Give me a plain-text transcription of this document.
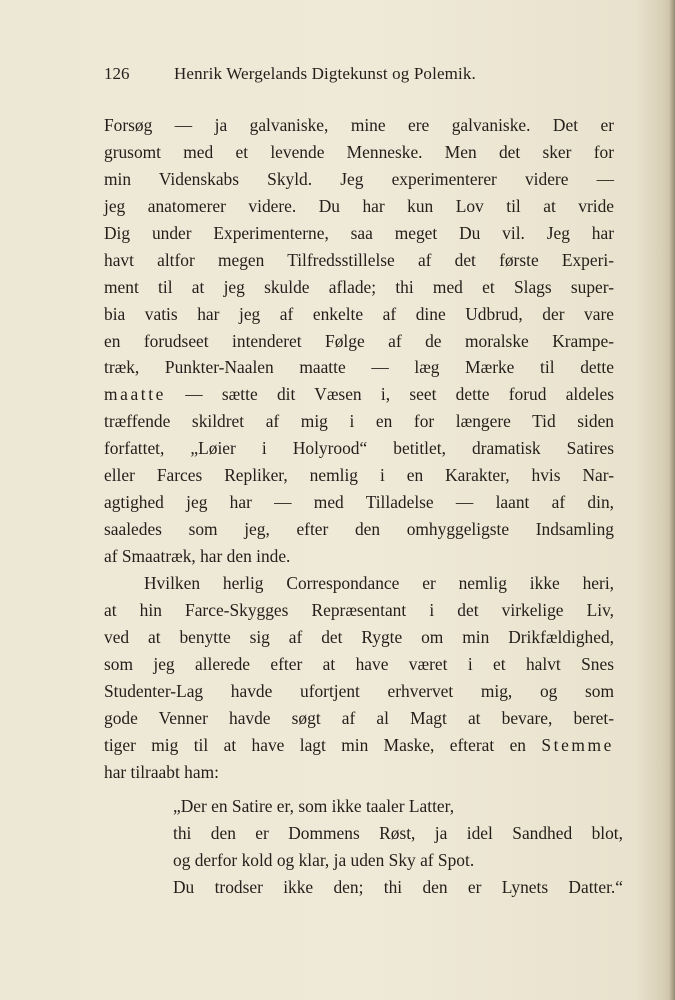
126	Henrik Wergelands Digtekunst og Polemik.
Forsøg — ja galvaniske, mine ere galvaniske. Det er
grusomt med et levende Menneske. Men det sker for
min Videnskabs Skyld. Jeg experimenterer videre —
jeg anatomerer videre. Du har kun Lov til at vride
Dig under Experimenterne, saa meget Du vil. Jeg har
havt altfor megen Tilfredsstillelse af det første Experi-
ment til at jeg skulde aflade; thi med et Slags super-
bia vatis har jeg af enkelte af dine Udbrud, der vare
en forudseet intenderet Følge af de moralske Krampe-
træk, Punkter-Naalen maatte — læg Mærke til dette
maatte — sætte dit Væsen i, seet dette forud aldeles
træffende skildret af mig i en for længere Tid siden
forfattet, „Løier i Holyrood“ betitlet, dramatisk Satires
eller Farces Repliker, nemlig i en Karakter, hvis Nar-
agtighed jeg har — med Tilladelse — laant af din,
saaledes som jeg, efter den omhyggeligste Indsamling
af Smaatræk, har den inde.
Hvilken herlig Correspondance er nemlig ikke heri,
at hin Farce-Skygges Repræsentant i det virkelige Liv,
ved at benytte sig af det Rygte om min Drikfældighed,
som jeg allerede efter at have været i et halvt Snes
Studenter-Lag havde ufortjent erhvervet mig, og som
gode Venner havde søgt af al Magt at bevare, beret-
tiger mig til at have lagt min Maske, efterat en Stemme
har tilraabt ham:
„Der en Satire er, som ikke taaler Latter,
thi den er Dommens Røst, ja idel Sandhed blot,
og derfor kold og klar, ja uden Sky af Spot.
Du trodser ikke den; thi den er Lynets Datter.“
